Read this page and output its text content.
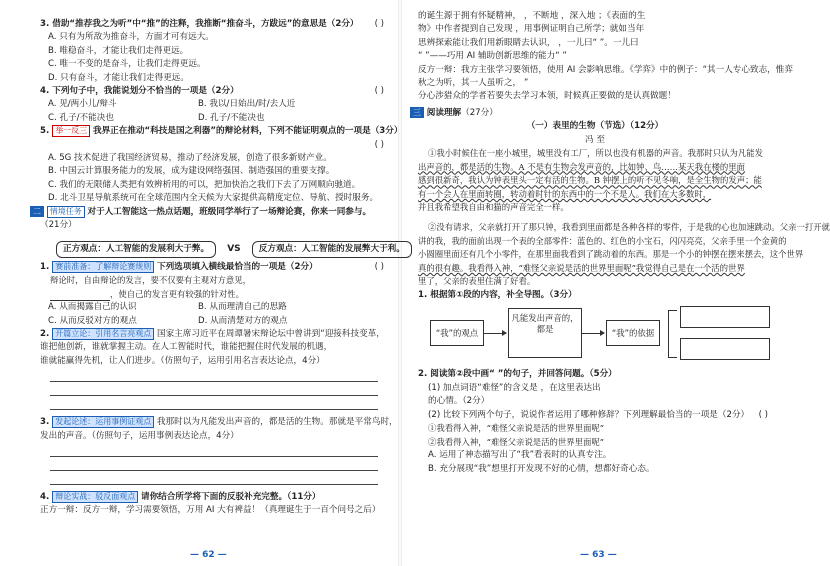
3. 借助“推荐我之为听”中“推”的注释，我推断“推奋斗，方跋远”的意思是（2分） ( )
A. 只有为所敌为推奋斗，方面才可有远大。
B. 唯稳奋斗，才能让我们走得更远。
C. 唯一不变的是奋斗，让我们走得更远。
D. 只有奋斗，才能让我们走得更远。
4. 下列句子中，我能说划分不恰当的一项是（2分）	( )
A. 见/两小儿/辩斗	B. 我以/日始出/时/去人近
C. 孔子/不能决也	D. 孔子/不能决也
5. 举一反三 我界正在推动“科技是国之利器”的辩论材料，下列不能证明观点的一项是（3分）
( )

A. 5G 技术促进了我国经济贸易，推动了经济发展，创造了很多新财产业。
B. 中国云计算服务能力的发展，成为建设网络强国、制造强国的重要支撑。
C. 我们的无限储人类把有效辨析用的可以，把加快治之我们下去了万网顺向驰道。
D. 北斗卫星导航系统可在全球范围内全天候为大家提供高精度定位、导航、授时服务。
二 情境任务 对于人工智能这一热点话题，班级同学举行了一场辩论赛，你来一同参与。
（21分）
正方观点：人工智能的发展利大于弊。 VS 反方观点：人工智能的发展弊大于利。
1. 赛前准备：了解辩论赛规则 下列选项填入横线最恰当的一项是（2分）	( )
辩论时，自由辩论的发言，要不仅要有主观对方意见，
，使自己的发言更有较强的针对性。
A. 从而揭露自己的认识	B. 从而理清自己的思路
C. 从而反驳对方的观点	D. 从而清楚对方的观点
2. 开篇立论：引用名言亮观点 国家主席习近平在周谭暑宋辩论坛中曾讲到“迎接科技变革，
谁把他创新，谁就掌握主动。在人工智能时代，谁能把握住时代发展的机遇，
谁就能赢得先机，让人们进步。（仿照句子，运用引用名言表达论点，4分）
3. 发起论述：运用事例证观点 我那时以为凡能发出声音的，都是活的生物。那就是平常鸟时，
发出的声音。（仿照句子，运用事例表达论点，4分）
4. 辩论实战：驳反面观点 请你结合所学将下面的反驳补充完整。（11分）
正方一辩：反方一辩，学习需要领悟，万用 AI 大有裨益！（真理诞生于一百个问号之后）
— 62 —
的诞生源于拥有怀疑精神， ，不断地 ，深入地 ；《表面的生
物》中作者提到自己发现 ，用事例证明自己所学；就如当年
思辨探索能让我们用新眼睛去认识， ，一儿曰“ ”。一儿曰
“ ”——巧用 AI 辅助创新思维的能力“ ”
反方一辩：我方主张学习要领悟，使用 AI 会影响思维。《学弈》中的例子：“其一人专心致志，惟弈
秋之为听，其一人虽听之， ”
分心涉猎众的学者若要失去学习本领，时候真正要做的是认真做题！
三 阅读理解（27分）
（一）表里的生物（节选）（12分）
冯 至
①我小时候住在一座小城里，城里没有工厂，所以也没有机器的声音。我那时只认为凡能发
出声音的，都是活的生物。A 不是有生物会发声音的，比如钟、鸟……某天我在楼的里面
感到很新奇，我认为钟表里头一定有活的生物。B 钟摆上的听不见冬响，是全生物的发声；能
有一个会人在里面转圈，转动着时针的东西中的一个不是人。我们在大多数时，
并且我希望我自由和猫的声音完全一样。
②没有请求，父亲就打开了那只钟，我看到里面都是各种各样的零件，于是我的心也加速跳动。父亲一打开就
讲的我，我的面前出现一个表的全部零件：蓝色的、红色的小宝石，闪闪亮亮，父亲手里一个金黄的
小圆圈里面还有几个小零件，在那里面我看到了跳动着的东西。那是一个小的钟摆在摆来摆去，这个世界
真的很有趣。我看得入神，“难怪父亲说是活的世界里面呢”我觉得自己是在一个活的世界
里了，父亲的表里住满了好看。
1. 根据第①段的内容，补全导图。（3分）
“我”的观点
凡能发出声音的，都是	“我”的依据
2. 阅读第②段中画“ ”的句子，并回答问题。（5分）
(1) 加点词语“难怪”的含义是 ，在这里表达出
的心情。（2分）
(2) 比较下列两个句子，说说作者运用了哪种修辞？下列理解最恰当的一项是（2分） ( )
①我看得入神，“难怪父亲说是活的世界里面呢”
②我看得入神，“难怪父亲说是活的世界里面呢”
A. 运用了神态描写出了“我”看表时的认真专注。
B. 充分展现“我”想里打开发现不好的心情，想都好奇心态。
— 63 —
